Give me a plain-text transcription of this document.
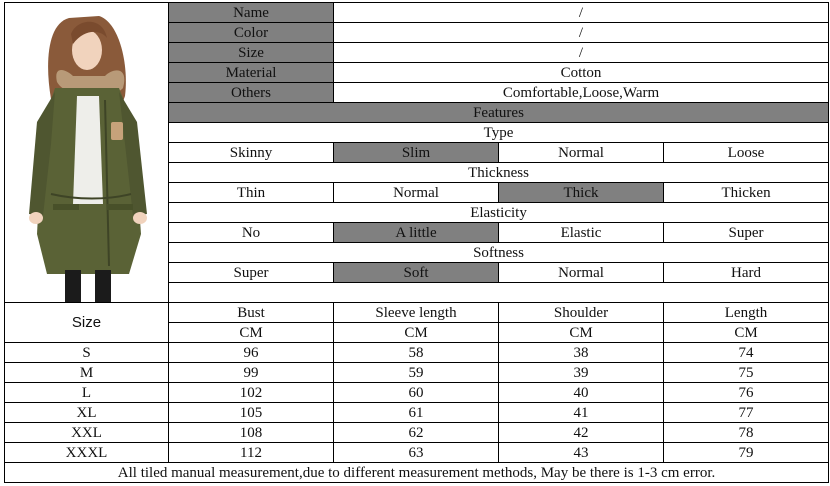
	Name	/		
	Color	/		
	Size	/		
	Material	Cotton		
	Others	Comfortable,Loose,Warm		
	Features			
	Type			
	Skinny	Slim	Normal	Loose
	Thickness			
	Thin	Normal	Thick	Thicken
	Elasticity			
	No	A little	Elastic	Super
	Softness			
	Super	Soft	Normal	Hard

Size	Bust	Sleeve length	Shoulder	Length
	CM	CM	CM	CM
S	96	58	38	74
M	99	59	39	75
L	102	60	40	76
XL	105	61	41	77
XXL	108	62	42	78
XXXL	112	63	43	79
All tiled manual measurement,due to different measurement methods, May be there is 1-3 cm error.				
